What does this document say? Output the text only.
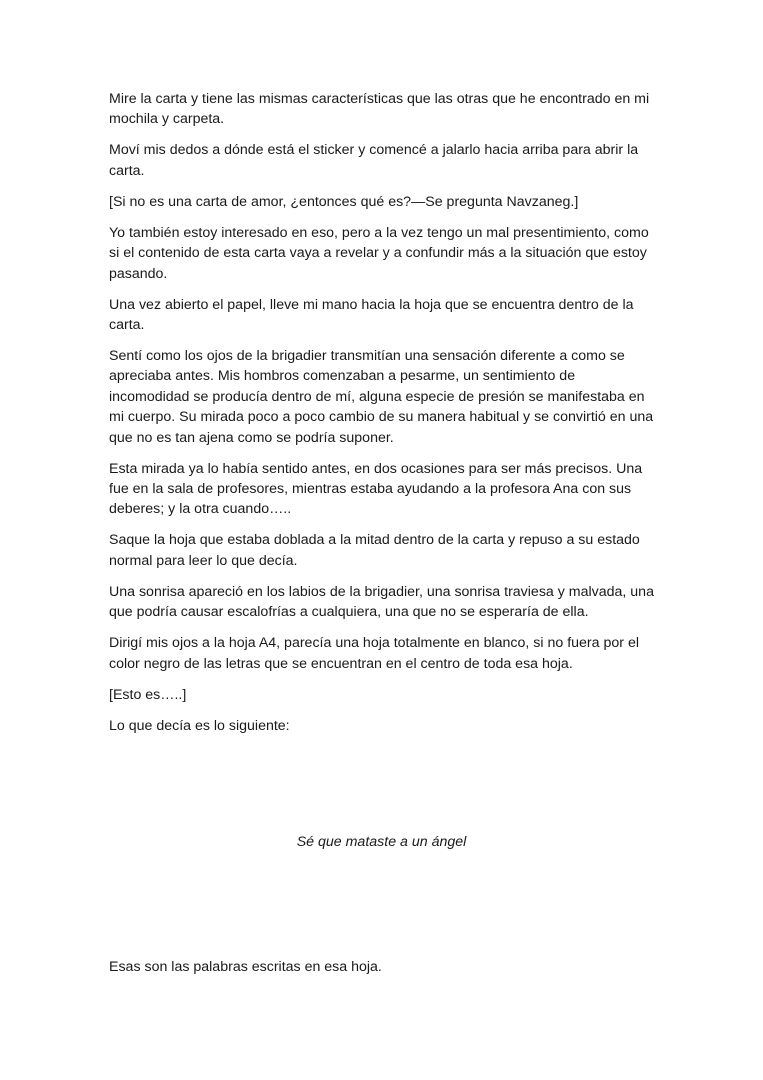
Mire la carta y tiene las mismas características que las otras que he encontrado en mi mochila y carpeta.

Moví mis dedos a dónde está el sticker y comencé a jalarlo hacia arriba para abrir la carta.

[Si no es una carta de amor, ¿entonces qué es?—Se pregunta Navzaneg.]

Yo también estoy interesado en eso, pero a la vez tengo un mal presentimiento, como si el contenido de esta carta vaya a revelar y a confundir más a la situación que estoy pasando.

Una vez abierto el papel, lleve mi mano hacia la hoja que se encuentra dentro de la carta.

Sentí como los ojos de la brigadier transmitían una sensación diferente a como se apreciaba antes. Mis hombros comenzaban a pesarme, un sentimiento de incomodidad se producía dentro de mí, alguna especie de presión se manifestaba en mi cuerpo. Su mirada poco a poco cambio de su manera habitual y se convirtió en una que no es tan ajena como se podría suponer.

Esta mirada ya lo había sentido antes, en dos ocasiones para ser más precisos. Una fue en la sala de profesores, mientras estaba ayudando a la profesora Ana con sus deberes; y la otra cuando…..

Saque la hoja que estaba doblada a la mitad dentro de la carta y repuso a su estado normal para leer lo que decía.

Una sonrisa apareció en los labios de la brigadier, una sonrisa traviesa y malvada, una que podría causar escalofrías a cualquiera, una que no se esperaría de ella.

Dirigí mis ojos a la hoja A4, parecía una hoja totalmente en blanco, si no fuera por el color negro de las letras que se encuentran en el centro de toda esa hoja.

[Esto es…..]

Lo que decía es lo siguiente:

Sé que mataste a un ángel

Esas son las palabras escritas en esa hoja.
